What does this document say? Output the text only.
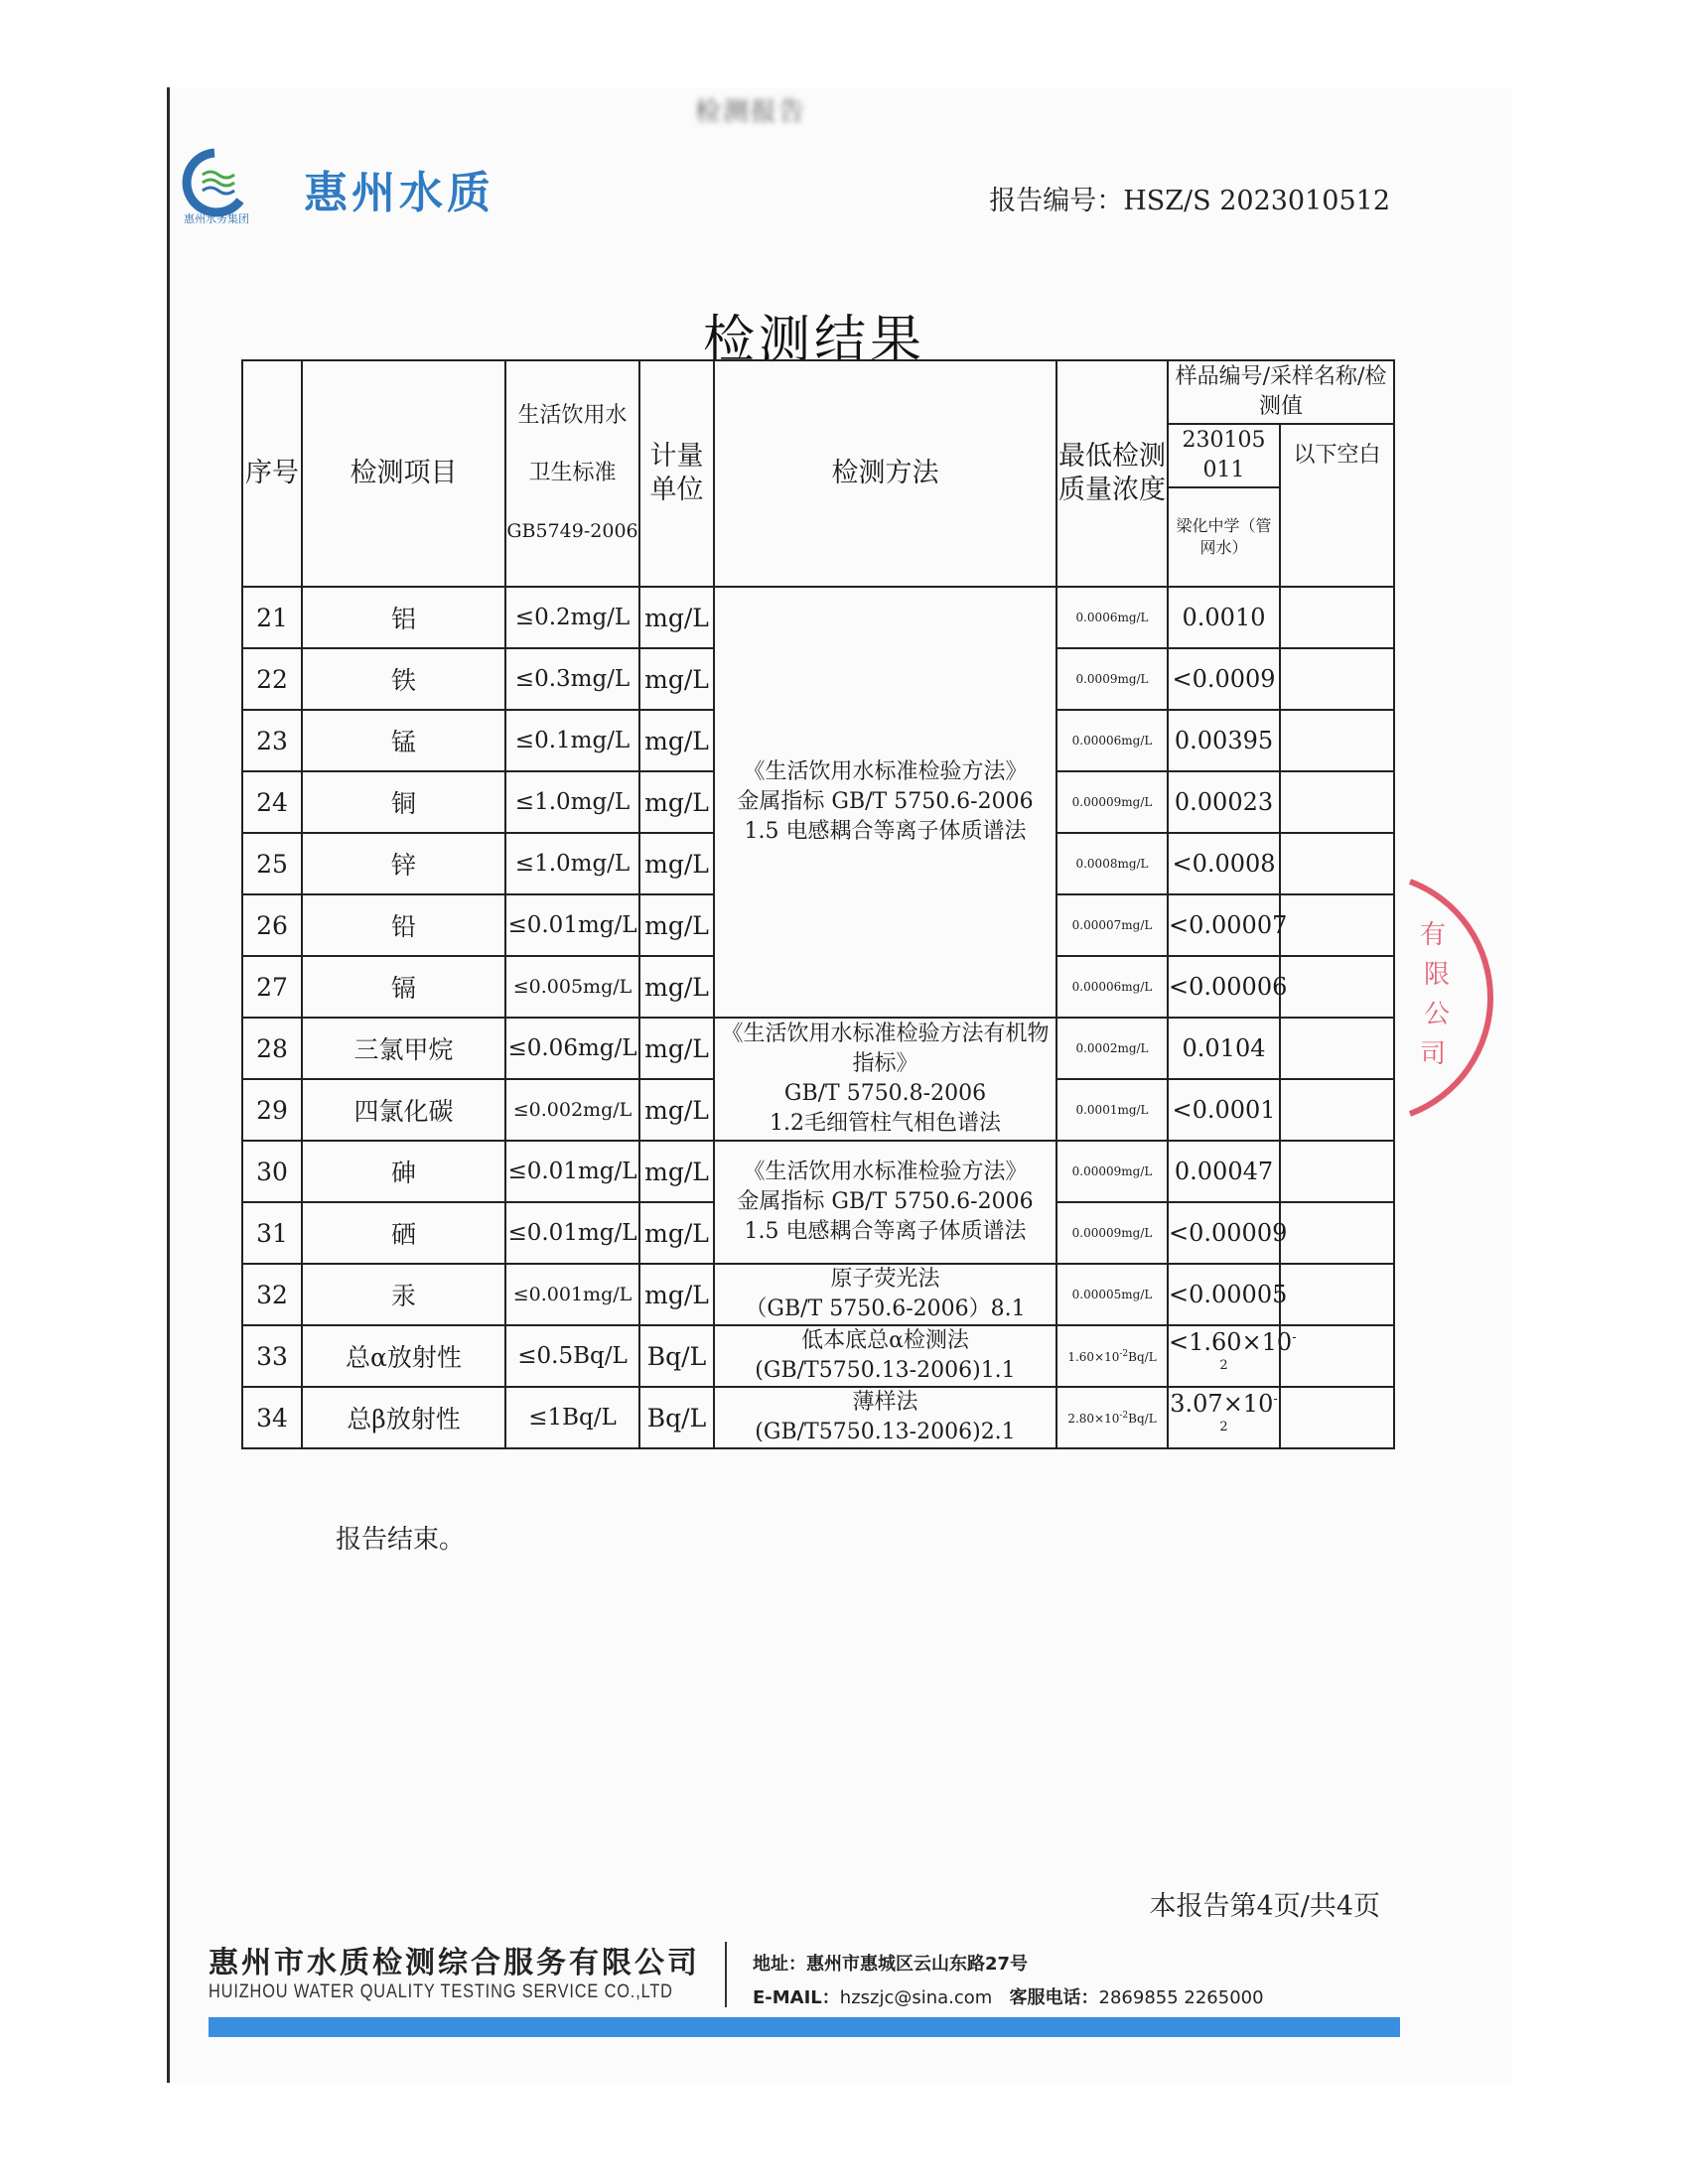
检测报告
惠州水务集团
惠州水质	报告编号：HSZ/S 2023010512
检测结果
序号	检测项目	生活饮用水
卫生标准
GB5749-2006	计量单位	检测方法	最低检测质量浓度	样品编号/采样名称/检测值	
						230105 011	以下空白
						梁化中学（管网水）	
21	铝	≤0.2mg/L	mg/L	《生活饮用水标准检验方法》
金属指标 GB/T 5750.6-2006
1.5 电感耦合等离子体质谱法	0.0006mg/L	0.0010	
22	铁	≤0.3mg/L	mg/L		0.0009mg/L	<0.0009	
23	锰	≤0.1mg/L	mg/L		0.00006mg/L	0.00395	
24	铜	≤1.0mg/L	mg/L		0.00009mg/L	0.00023	
25	锌	≤1.0mg/L	mg/L		0.0008mg/L	<0.0008	
26	铅	≤0.01mg/L	mg/L		0.00007mg/L	<0.00007	
27	镉	≤0.005mg/L	mg/L		0.00006mg/L	<0.00006	
28	三氯甲烷	≤0.06mg/L	mg/L	《生活饮用水标准检验方法有机物指标》
GB/T 5750.8-2006
1.2毛细管柱气相色谱法	0.0002mg/L	0.0104	
29	四氯化碳	≤0.002mg/L	mg/L		0.0001mg/L	<0.0001	
30	砷	≤0.01mg/L	mg/L	《生活饮用水标准检验方法》
金属指标 GB/T 5750.6-2006
1.5 电感耦合等离子体质谱法	0.00009mg/L	0.00047	
31	硒	≤0.01mg/L	mg/L		0.00009mg/L	<0.00009	
32	汞	≤0.001mg/L	mg/L	原子荧光法
（GB/T 5750.6-2006）8.1	0.00005mg/L	<0.00005	
33	总α放射性	≤0.5Bq/L	Bq/L	低本底总α检测法
(GB/T5750.13-2006)1.1	$1.60\times 10^{-2}Bq/L$	$<1.60\times 10^{-2}$	
34	总β放射性	≤1Bq/L	Bq/L	薄样法
(GB/T5750.13-2006)2.1	$2.80\times 10^{-2}Bq/L$	$3.07\times 10^{-2}$	
报告结束。
本报告第4页/共4页
有
限
公
司
惠州市水质检测综合服务有限公司
HUIZHOU WATER QUALITY TESTING SERVICE CO.,LTD
地址：惠州市惠城区云山东路27号
E-MAIL：hzszjc@sina.com 客服电话：2869855 2265000
